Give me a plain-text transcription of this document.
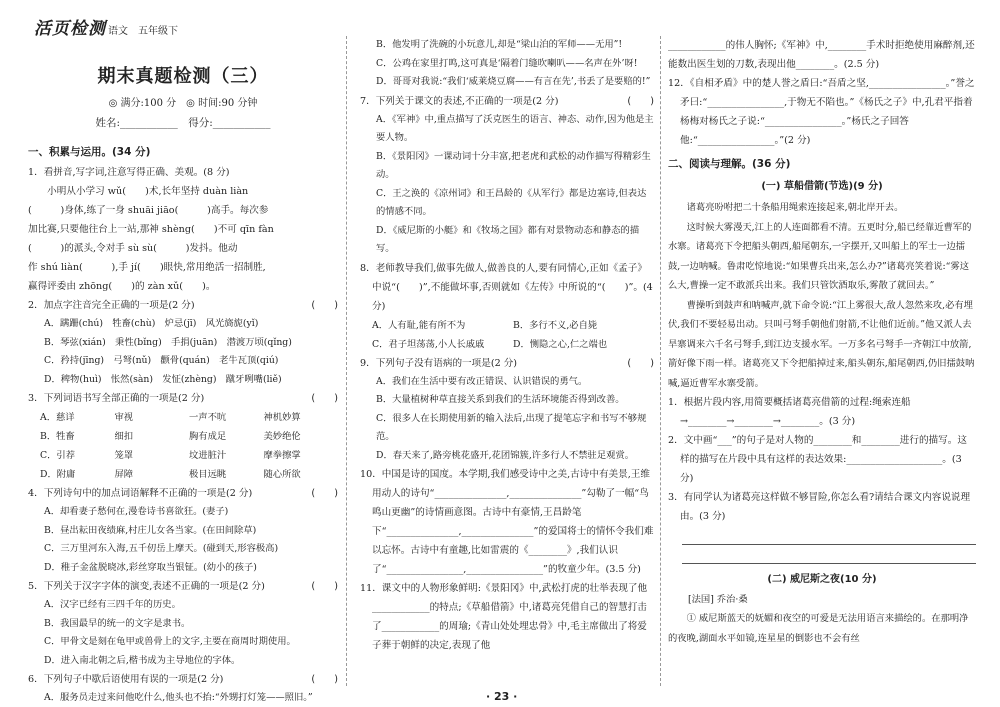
活页检测 语文　五年级下
期末真题检测（三）
◎ 满分:100 分　◎ 时间:90 分钟
姓名:___________　得分:___________
一、积累与运用。(34 分)

1．看拼音,写字词,注意写得正确、美观。(8 分)

　　小明从小学习 wǔ(　　)术,长年坚持 duàn liàn

(　　　)身体,练了一身 shuāi jiāo(　　　)高手。每次参

加比赛,只要他往台上一站,那神 shèng(　　)不可 qīn fàn

(　　　)的派头,令对手 sù sù(　　　)发抖。他动

作 shú liàn(　　　),手 jí(　　)眼快,常用绝活一招制胜,

赢得评委由 zhōng(　　)的 zàn xǔ(　　)。

2．加点字注音完全正确的一项是(2 分)	(　　)

A．蹒跚(chú)　牲畜(chù)　炉忌(jī)　风光旖旎(yǐ)

B．琴弦(xián)　秉性(bǐng)　手捐(juān)　潜渡万顷(qǐng)

C．矜持(jīng)　弓弩(nǔ)　颧骨(quán)　老牛瓦顶(qiú)

D．稗物(huì)　怅然(sàn)　发怔(zhèng)　蹴牙咧嘴(liě)

3．下列词语书写全部正确的一项是(2 分)	(　　)

A．慈详	审视	一声不吭	神机妙算
B．牲畜	细扣	胸有成足	美妙绝伦
C．引荐	笼罩	坟进脏汁	摩拳擦掌
D．附庸	屏障	极目远眺	随心所欲

4．下列诗句中的加点词语解释不正确的一项是(2 分)	(　　)

A．却看妻子愁何在,漫卷诗书喜欲狂。(妻子)

B．昼出耘田夜绩麻,村庄儿女各当家。(在田间除草)

C．三万里河东入海,五千仞岳上摩天。(碰到天,形容极高)

D．稚子金盆脱晓冰,彩丝穿取当银钲。(幼小的孩子)

5．下列关于汉字字体的演变,表述不正确的一项是(2 分)	(　　)

A．汉字已经有三四千年的历史。

B．我国最早的统一的文字是隶书。

C．甲骨文是刻在龟甲或兽骨上的文字,主要在商周时期使用。

D．进入南北朝之后,楷书成为主导地位的字体。

6．下列句子中歇后语使用有误的一项是(2 分)	(　　)

A．服务员走过来问他吃什么,他头也不抬:“外甥打灯笼——照旧。”

B．他发明了洗碗的小玩意儿,却是“梁山泊的军师——无用”!

C．公鸡在家里打鸣,这可真是‘隔着门缝吹喇叭——名声在外’呀!

D．哥哥对我说:“我们‘威莱烧豆腐——有言在先’,书丢了是要赔的!”

7．下列关于课文的表述,不正确的一项是(2 分)	(　　)

A．《军神》中,重点描写了沃克医生的语言、神态、动作,因为他是主要人物。

B．《景阳冈》一课动词十分丰富,把老虎和武松的动作描写得精彩生动。

C．王之涣的《凉州词》和王昌龄的《从军行》都是边塞诗,但表达的情感不同。

D．《威尼斯的小艇》和《牧场之国》都有对景物动态和静态的描写。

8．老师教导我们,做事先做人,做善良的人,要有同情心,正如《孟子》中说“(　　)”,不能做坏事,否则就如《左传》中所说的“(　　)”。(4 分)

A．人有耻,能有所不为	B．多行不义,必自毙
C．君子坦荡荡,小人长戚戚	D．恻隐之心,仁之端也

9．下列句子没有语病的一项是(2 分)	(　　)

A．我们在生活中要有改正错误、认识错误的勇气。

B．大量植树种草直接关系到我们的生活环境能否得到改善。

C．很多人在长期使用新的输入法后,出现了提笔忘字和书写不够规范。

D．春天来了,路旁桃花盛开,花团锦簇,许多行人不禁驻足观赏。

10．中国是诗的国度。本学期,我们感受诗中之美,古诗中有美景,王维用动人的诗句“_______________,_______________”勾勒了一幅“鸟鸣山更幽”的诗情画意图。古诗中有豪情,王昌龄笔下“_______________,_______________”的爱国将士的情怀令我们难以忘怀。古诗中有童趣,比如雷震的《________》,我们认识了“________________,________________”的牧童少年。(3.5 分)

11．课文中的人物形象鲜明:《景阳冈》中,武松打虎的壮举表现了他____________的特点;《草船借箭》中,诸葛亮凭借自己的智慧打击了____________的周瑜;《青山处处埋忠骨》中,毛主席做出了将爱子葬于朝鲜的决定,表现了他

____________的伟人胸怀;《军神》中,________手术时拒绝使用麻醉剂,还能数出医生划的刀数,表现出他________。(2.5 分)

12．《自相矛盾》中的楚人誉之盾曰:“吾盾之坚,________________。”誉之矛曰:“________________,于物无不陷也。”《杨氏之子》中,孔君平指着杨梅对杨氏之子说:“________________。”杨氏之子回答他:“________________。”(2 分)

二、阅读与理解。(36 分)
(一) 草船借箭(节选)(9 分)

诸葛亮吩咐把二十条船用绳索连接起来,朝北岸开去。

这时候大雾漫天,江上的人连面都看不清。五更时分,船已经靠近曹军的水寨。诸葛亮下令把船头朝西,船尾朝东,一字摆开,又叫船上的军士一边擂鼓,一边呐喊。鲁肃吃惊地说:“如果曹兵出来,怎么办?”诸葛亮笑着说:“雾这么大,曹操一定不敢派兵出来。我们只管饮酒取乐,雾散了就回去。”

曹操听到鼓声和呐喊声,就下命令说:“江上雾很大,敌人忽然来攻,必有埋伏,我们不要轻易出动。只叫弓弩手朝他们射箭,不让他们近前。”他又派人去旱寨调来六千名弓弩手,到江边支援水军。一万多名弓弩手一齐朝江中放箭,箭好像下雨一样。诸葛亮又下令把船掉过来,船头朝东,船尾朝西,仍旧擂鼓呐喊,逼近曹军水寨受箭。

1．根据片段内容,用简要概括诸葛亮借箭的过程:绳索连船→________→________→________。(3 分)

2．文中画“___”的句子是对人物的________和________进行的描写。这样的描写在片段中具有这样的表达效果:____________________。(3 分)

3．有同学认为诸葛亮这样做不够冒险,你怎么看?请结合课文内容说说理由。(3 分)

(二) 威尼斯之夜(10 分)

[法国] 乔治·桑

① 威尼斯蓝天的妩媚和夜空的可爱是无法用语言来描绘的。在那明净的夜晚,湖面水平如镜,连星星的倒影也不会有丝

· 23 ·
